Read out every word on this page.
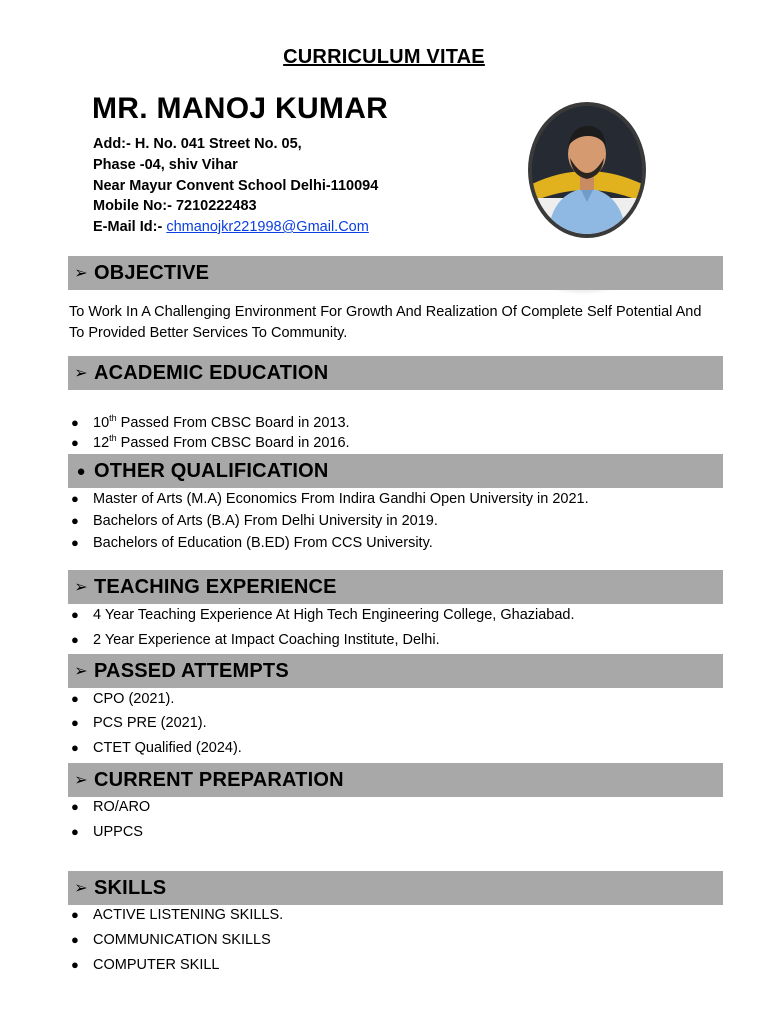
CURRICULUM VITAE
MR. MANOJ KUMAR
Add:- H. No. 041 Street No. 05,
Phase -04, shiv Vihar
Near Mayur Convent School Delhi-110094
Mobile No:- 7210222483
E-Mail Id:- chmanojkr221998@Gmail.Com
➢ OBJECTIVE
To Work In A Challenging Environment For Growth And Realization Of Complete Self Potential And To Provided Better Services To Community.
➢ ACADEMIC EDUCATION
● 10th Passed From CBSC Board in 2013.
● 12th Passed From CBSC Board in 2016.
● OTHER QUALIFICATION
● Master of Arts (M.A) Economics From Indira Gandhi Open University in 2021.
● Bachelors of Arts (B.A) From Delhi University in 2019.
● Bachelors of Education (B.ED) From CCS University.
➢ TEACHING EXPERIENCE
● 4 Year Teaching Experience At High Tech Engineering College, Ghaziabad.
● 2 Year Experience at Impact Coaching Institute, Delhi.
➢ PASSED ATTEMPTS
● CPO (2021).
● PCS PRE (2021).
● CTET Qualified (2024).
➢ CURRENT PREPARATION
● RO/ARO
● UPPCS
➢ SKILLS
● ACTIVE LISTENING SKILLS.
● COMMUNICATION SKILLS
● COMPUTER SKILL
